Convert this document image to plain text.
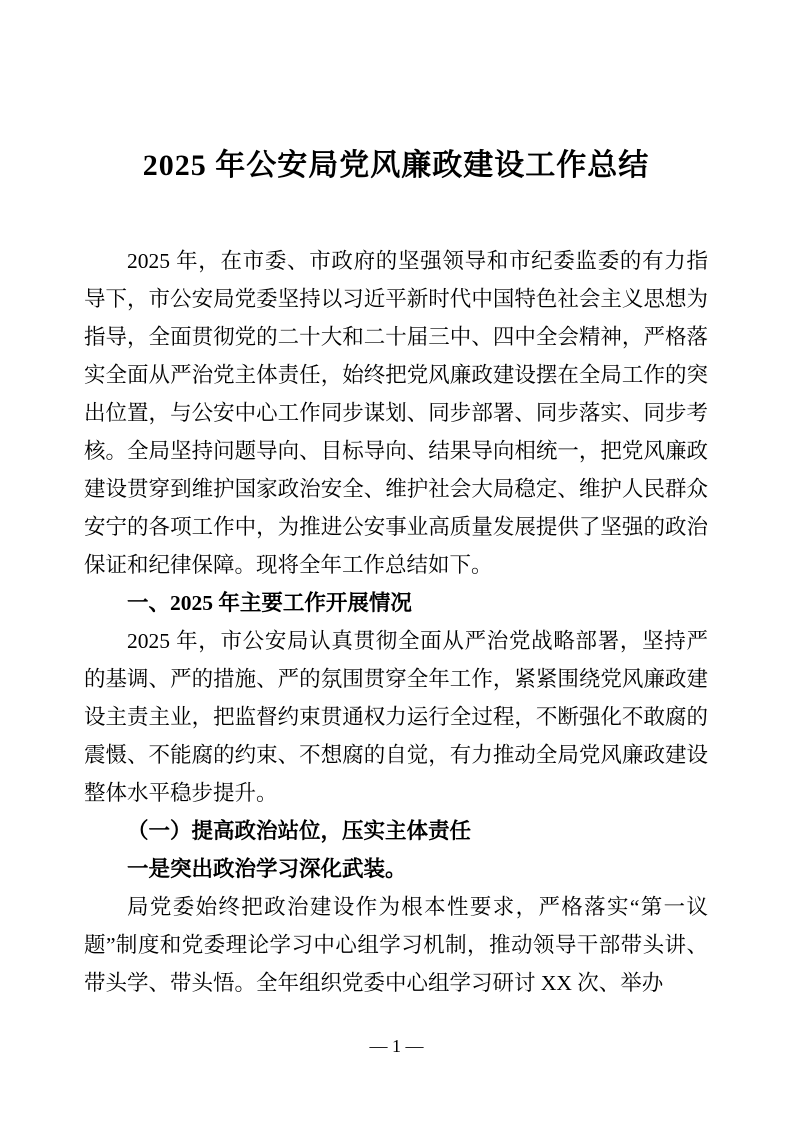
2025 年公安局党风廉政建设工作总结

2025 年，在市委、市政府的坚强领导和市纪委监委的有力指导下，市公安局党委坚持以习近平新时代中国特色社会主义思想为指导，全面贯彻党的二十大和二十届三中、四中全会精神，严格落实全面从严治党主体责任，始终把党风廉政建设摆在全局工作的突出位置，与公安中心工作同步谋划、同步部署、同步落实、同步考核。全局坚持问题导向、目标导向、结果导向相统一，把党风廉政建设贯穿到维护国家政治安全、维护社会大局稳定、维护人民群众安宁的各项工作中，为推进公安事业高质量发展提供了坚强的政治保证和纪律保障。现将全年工作总结如下。

一、2025 年主要工作开展情况

2025 年，市公安局认真贯彻全面从严治党战略部署，坚持严的基调、严的措施、严的氛围贯穿全年工作，紧紧围绕党风廉政建设主责主业，把监督约束贯通权力运行全过程，不断强化不敢腐的震慑、不能腐的约束、不想腐的自觉，有力推动全局党风廉政建设整体水平稳步提升。

（一）提高政治站位，压实主体责任

一是突出政治学习深化武装。

局党委始终把政治建设作为根本性要求，严格落实“第一议题”制度和党委理论学习中心组学习机制，推动领导干部带头讲、带头学、带头悟。全年组织党委中心组学习研讨 XX 次、举办

— 1 —
